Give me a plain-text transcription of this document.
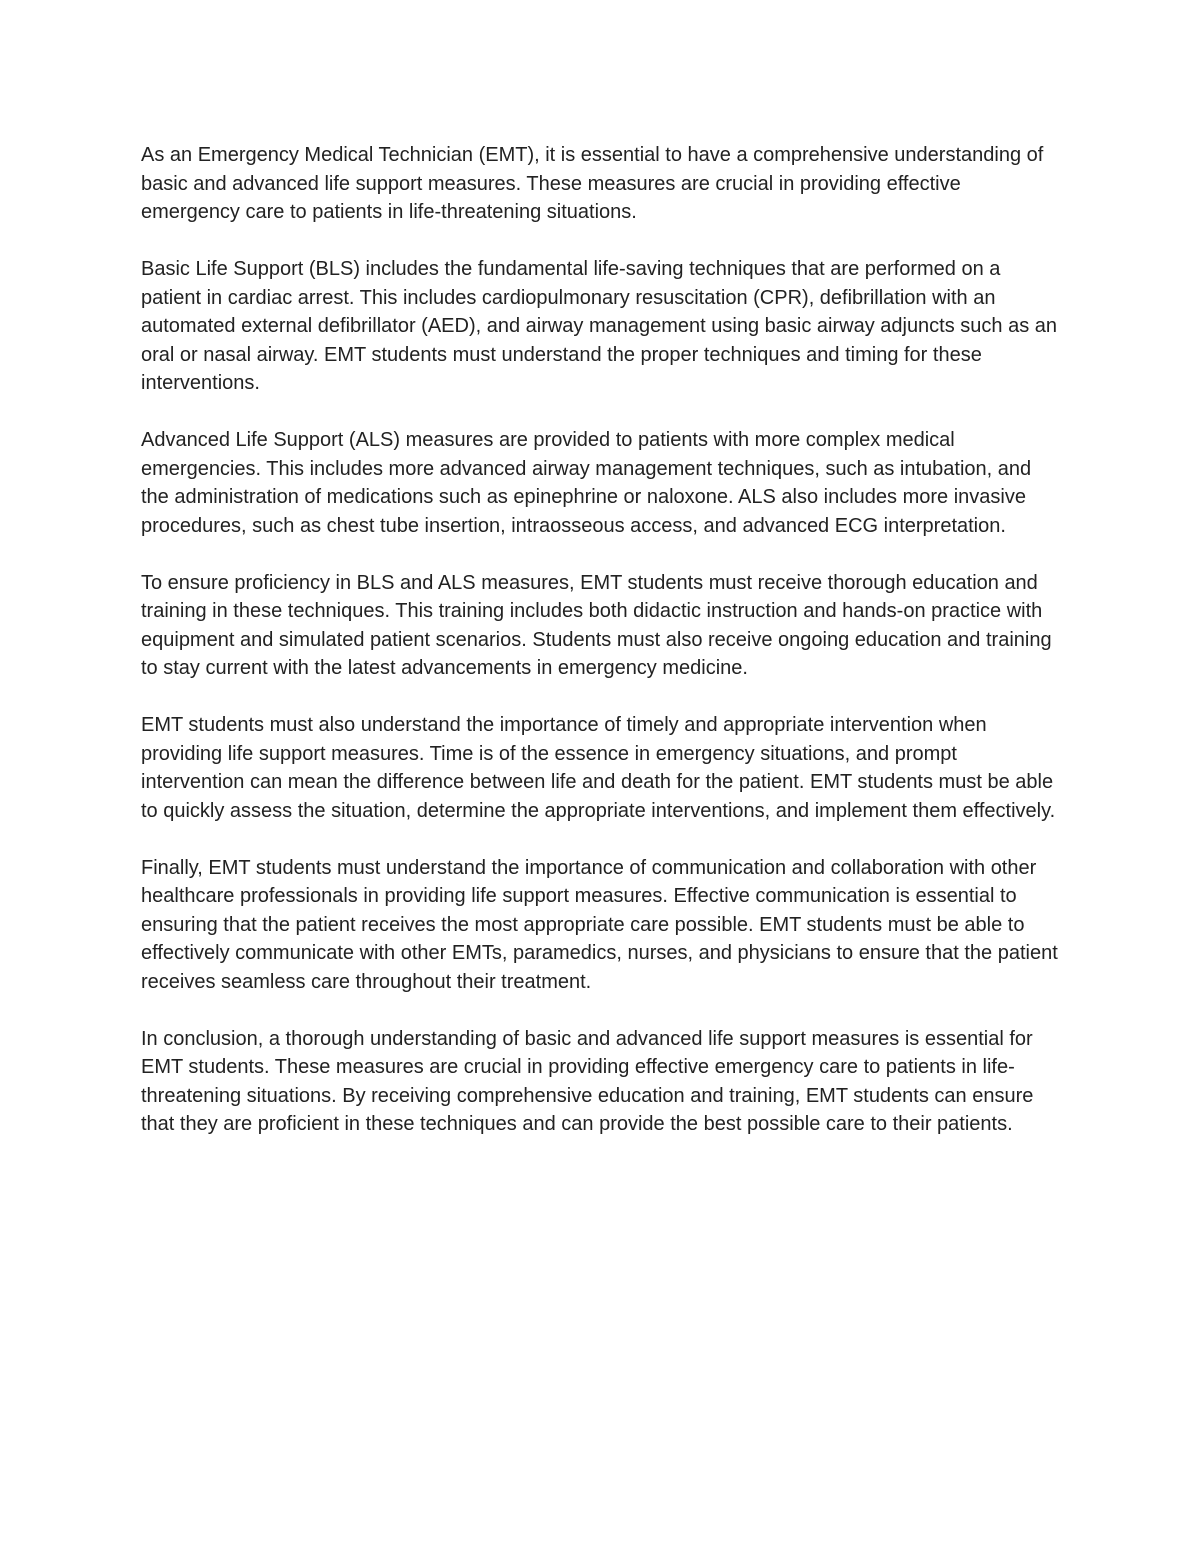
As an Emergency Medical Technician (EMT), it is essential to have a comprehensive understanding of basic and advanced life support measures. These measures are crucial in providing effective emergency care to patients in life-threatening situations.

Basic Life Support (BLS) includes the fundamental life-saving techniques that are performed on a patient in cardiac arrest. This includes cardiopulmonary resuscitation (CPR), defibrillation with an automated external defibrillator (AED), and airway management using basic airway adjuncts such as an oral or nasal airway. EMT students must understand the proper techniques and timing for these interventions.

Advanced Life Support (ALS) measures are provided to patients with more complex medical emergencies. This includes more advanced airway management techniques, such as intubation, and the administration of medications such as epinephrine or naloxone. ALS also includes more invasive procedures, such as chest tube insertion, intraosseous access, and advanced ECG interpretation.

To ensure proficiency in BLS and ALS measures, EMT students must receive thorough education and training in these techniques. This training includes both didactic instruction and hands-on practice with equipment and simulated patient scenarios. Students must also receive ongoing education and training to stay current with the latest advancements in emergency medicine.

EMT students must also understand the importance of timely and appropriate intervention when providing life support measures. Time is of the essence in emergency situations, and prompt intervention can mean the difference between life and death for the patient. EMT students must be able to quickly assess the situation, determine the appropriate interventions, and implement them effectively.

Finally, EMT students must understand the importance of communication and collaboration with other healthcare professionals in providing life support measures. Effective communication is essential to ensuring that the patient receives the most appropriate care possible. EMT students must be able to effectively communicate with other EMTs, paramedics, nurses, and physicians to ensure that the patient receives seamless care throughout their treatment.

In conclusion, a thorough understanding of basic and advanced life support measures is essential for EMT students. These measures are crucial in providing effective emergency care to patients in life-threatening situations. By receiving comprehensive education and training, EMT students can ensure that they are proficient in these techniques and can provide the best possible care to their patients.
